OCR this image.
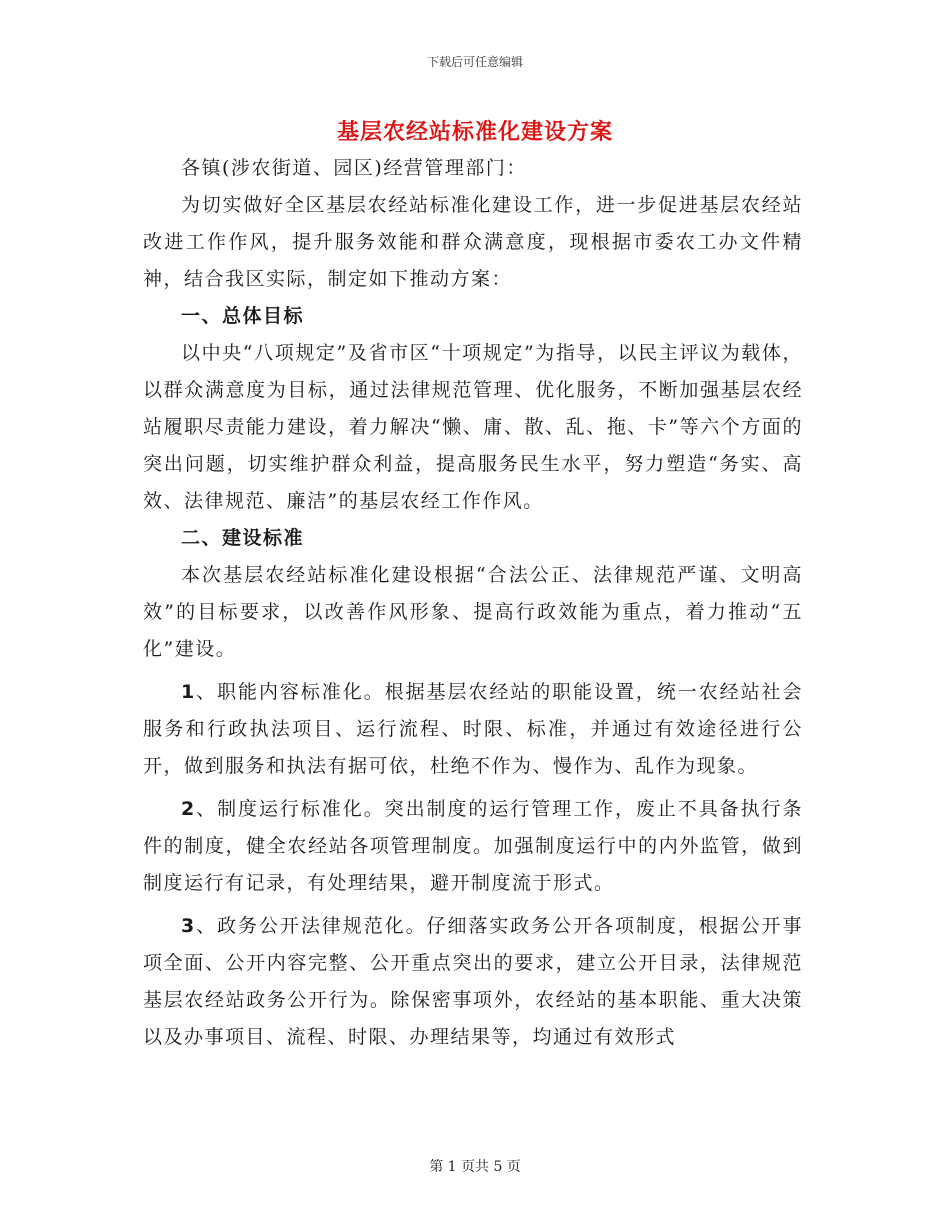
下载后可任意编辑
基层农经站标准化建设方案

各镇(涉农街道、园区)经营管理部门：

为切实做好全区基层农经站标准化建设工作，进一步促进基层农经站改进工作作风，提升服务效能和群众满意度，现根据市委农工办文件精神，结合我区实际，制定如下推动方案：

一、总体目标

以中央“八项规定”及省市区“十项规定”为指导，以民主评议为载体，以群众满意度为目标，通过法律规范管理、优化服务，不断加强基层农经站履职尽责能力建设，着力解决“懒、庸、散、乱、拖、卡”等六个方面的突出问题，切实维护群众利益，提高服务民生水平，努力塑造“务实、高效、法律规范、廉洁”的基层农经工作作风。

二、建设标准

本次基层农经站标准化建设根据“合法公正、法律规范严谨、文明高效”的目标要求，以改善作风形象、提高行政效能为重点，着力推动“五化”建设。

1、职能内容标准化。根据基层农经站的职能设置，统一农经站社会服务和行政执法项目、运行流程、时限、标准，并通过有效途径进行公开，做到服务和执法有据可依，杜绝不作为、慢作为、乱作为现象。

2、制度运行标准化。突出制度的运行管理工作，废止不具备执行条件的制度，健全农经站各项管理制度。加强制度运行中的内外监管，做到制度运行有记录，有处理结果，避开制度流于形式。

3、政务公开法律规范化。仔细落实政务公开各项制度，根据公开事项全面、公开内容完整、公开重点突出的要求，建立公开目录，法律规范基层农经站政务公开行为。除保密事项外，农经站的基本职能、重大决策以及办事项目、流程、时限、办理结果等，均通过有效形式

第 1 页共 5 页
